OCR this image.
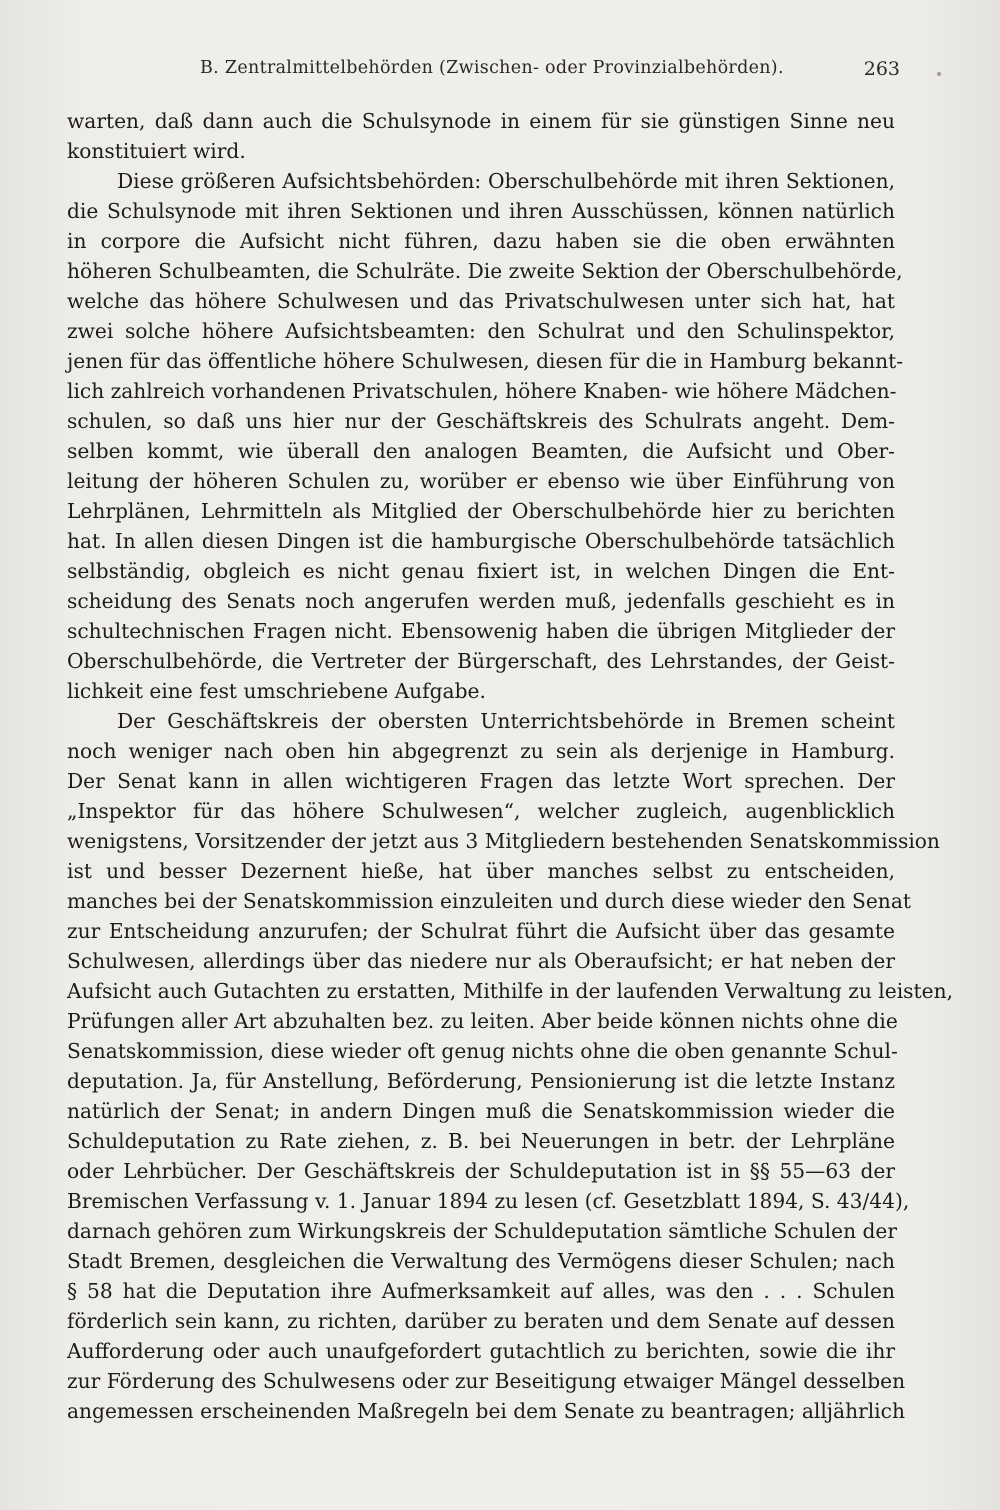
B. Zentralmittelbehörden (Zwischen- oder Provinzialbehörden).	263
warten, daß dann auch die Schulsynode in einem für sie günstigen Sinne neu
konstituiert wird.
Diese größeren Aufsichtsbehörden: Oberschulbehörde mit ihren Sektionen,
die Schulsynode mit ihren Sektionen und ihren Ausschüssen, können natürlich
in corpore die Aufsicht nicht führen, dazu haben sie die oben erwähnten
höheren Schulbeamten, die Schulräte. Die zweite Sektion der Oberschulbehörde,
welche das höhere Schulwesen und das Privatschulwesen unter sich hat, hat
zwei solche höhere Aufsichtsbeamten: den Schulrat und den Schulinspektor,
jenen für das öffentliche höhere Schulwesen, diesen für die in Hamburg bekannt-
lich zahlreich vorhandenen Privatschulen, höhere Knaben- wie höhere Mädchen-
schulen, so daß uns hier nur der Geschäftskreis des Schulrats angeht. Dem-
selben kommt, wie überall den analogen Beamten, die Aufsicht und Ober-
leitung der höheren Schulen zu, worüber er ebenso wie über Einführung von
Lehrplänen, Lehrmitteln als Mitglied der Oberschulbehörde hier zu berichten
hat. In allen diesen Dingen ist die hamburgische Oberschulbehörde tatsächlich
selbständig, obgleich es nicht genau fixiert ist, in welchen Dingen die Ent-
scheidung des Senats noch angerufen werden muß, jedenfalls geschieht es in
schultechnischen Fragen nicht. Ebensowenig haben die übrigen Mitglieder der
Oberschulbehörde, die Vertreter der Bürgerschaft, des Lehrstandes, der Geist-
lichkeit eine fest umschriebene Aufgabe.
Der Geschäftskreis der obersten Unterrichtsbehörde in Bremen scheint
noch weniger nach oben hin abgegrenzt zu sein als derjenige in Hamburg.
Der Senat kann in allen wichtigeren Fragen das letzte Wort sprechen. Der
„Inspektor für das höhere Schulwesen“, welcher zugleich, augenblicklich
wenigstens, Vorsitzender der jetzt aus 3 Mitgliedern bestehenden Senatskommission
ist und besser Dezernent hieße, hat über manches selbst zu entscheiden,
manches bei der Senatskommission einzuleiten und durch diese wieder den Senat
zur Entscheidung anzurufen; der Schulrat führt die Aufsicht über das gesamte
Schulwesen, allerdings über das niedere nur als Oberaufsicht; er hat neben der
Aufsicht auch Gutachten zu erstatten, Mithilfe in der laufenden Verwaltung zu leisten,
Prüfungen aller Art abzuhalten bez. zu leiten. Aber beide können nichts ohne die
Senatskommission, diese wieder oft genug nichts ohne die oben genannte Schul-
deputation. Ja, für Anstellung, Beförderung, Pensionierung ist die letzte Instanz
natürlich der Senat; in andern Dingen muß die Senatskommission wieder die
Schuldeputation zu Rate ziehen, z. B. bei Neuerungen in betr. der Lehrpläne
oder Lehrbücher. Der Geschäftskreis der Schuldeputation ist in §§ 55—63 der
Bremischen Verfassung v. 1. Januar 1894 zu lesen (cf. Gesetzblatt 1894, S. 43/44),
darnach gehören zum Wirkungskreis der Schuldeputation sämtliche Schulen der
Stadt Bremen, desgleichen die Verwaltung des Vermögens dieser Schulen; nach
§ 58 hat die Deputation ihre Aufmerksamkeit auf alles, was den . . . Schulen
förderlich sein kann, zu richten, darüber zu beraten und dem Senate auf dessen
Aufforderung oder auch unaufgefordert gutachtlich zu berichten, sowie die ihr
zur Förderung des Schulwesens oder zur Beseitigung etwaiger Mängel desselben
angemessen erscheinenden Maßregeln bei dem Senate zu beantragen; alljährlich
